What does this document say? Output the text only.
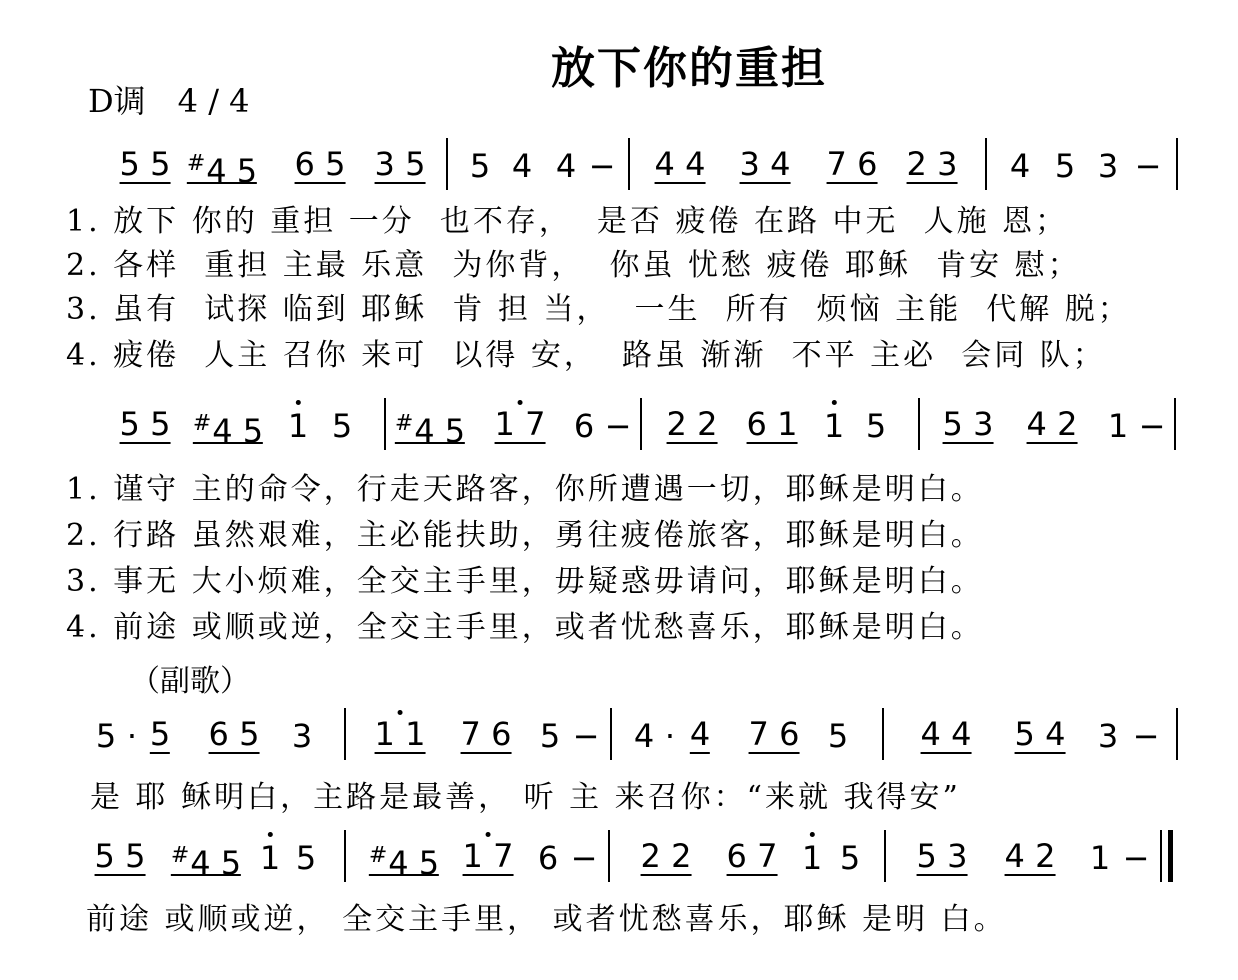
放下你的重担
D调　4 / 4
5 5 #4 5 6 5 3 5 5 4 4 − 4 4 3 4 7 6 2 3 4 5 3 −
1. 放下 你的 重担 一分  也不存，  是否 疲倦 在路 中无  人施 恩；
2. 各样  重担 主最 乐意  为你背，  你虽 忧愁 疲倦 耶稣  肯安 慰；
3. 虽有  试探 临到 耶稣  肯 担 当，  一生  所有  烦恼 主能  代解 脱；
4. 疲倦  人主 召你 来可  以得 安，  路虽 渐渐  不平 主必  会同 队；
5 5 #4 5 1 5 #4 5 1 7 6 − 2 2 6 1 1 5 5 3 4 2 1 −
1. 谨守 主的命令，行走天路客，你所遭遇一切，耶稣是明白。
2. 行路 虽然艰难，主必能扶助，勇往疲倦旅客，耶稣是明白。
3. 事无 大小烦难，全交主手里，毋疑惑毋请问，耶稣是明白。
4. 前途 或顺或逆，全交主手里，或者忧愁喜乐，耶稣是明白。
（副歌）
5 · 5 6 5 3 1 1 7 6 5 − 4 · 4 7 6 5 4 4 5 4 3 −
是 耶 稣明白，主路是最善， 听 主 来召你：“来就 我得安”
5 5 #4 5 1 5 #4 5 1 7 6 − 2 2 6 7 1 5 5 3 4 2 1 −
前途 或顺或逆， 全交主手里， 或者忧愁喜乐，耶稣 是明 白。
